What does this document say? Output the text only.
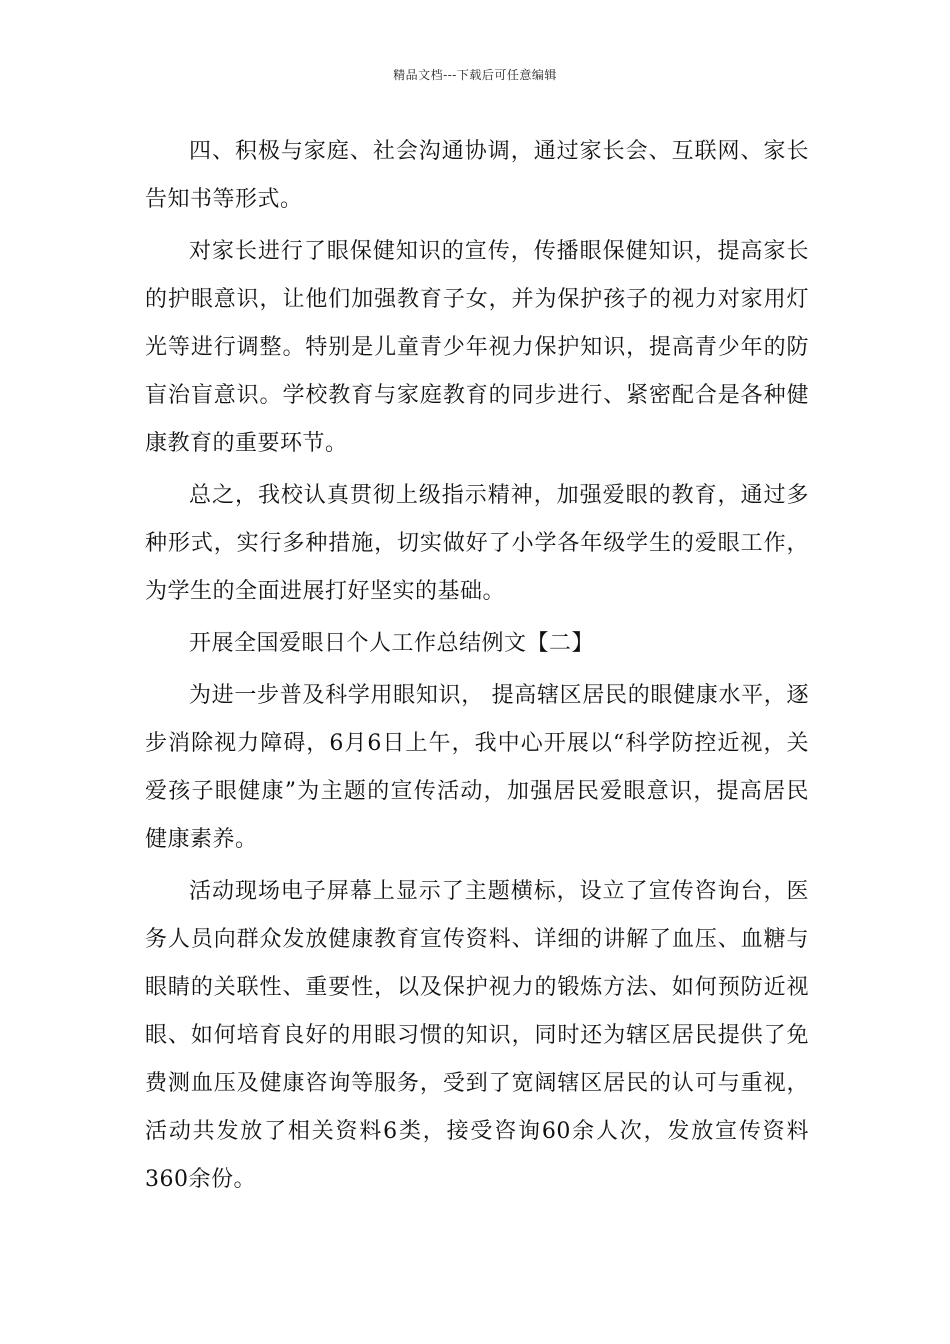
精品文档---下载后可任意编辑

四、积极与家庭、社会沟通协调，通过家长会、互联网、家长告知书等形式。

对家长进行了眼保健知识的宣传，传播眼保健知识，提高家长的护眼意识，让他们加强教育子女，并为保护孩子的视力对家用灯光等进行调整。特别是儿童青少年视力保护知识，提高青少年的防盲治盲意识。学校教育与家庭教育的同步进行、紧密配合是各种健康教育的重要环节。

总之，我校认真贯彻上级指示精神，加强爱眼的教育，通过多种形式，实行多种措施，切实做好了小学各年级学生的爱眼工作，为学生的全面进展打好坚实的基础。

开展全国爱眼日个人工作总结例文【二】

为进一步普及科学用眼知识， 提高辖区居民的眼健康水平，逐步消除视力障碍，6月6日上午，我中心开展以“科学防控近视，关爱孩子眼健康”为主题的宣传活动，加强居民爱眼意识，提高居民健康素养。

活动现场电子屏幕上显示了主题横标，设立了宣传咨询台，医务人员向群众发放健康教育宣传资料、详细的讲解了血压、血糖与眼睛的关联性、重要性，以及保护视力的锻炼方法、如何预防近视眼、如何培育良好的用眼习惯的知识，同时还为辖区居民提供了免费测血压及健康咨询等服务，受到了宽阔辖区居民的认可与重视，活动共发放了相关资料6类，接受咨询60余人次，发放宣传资料360余份。
